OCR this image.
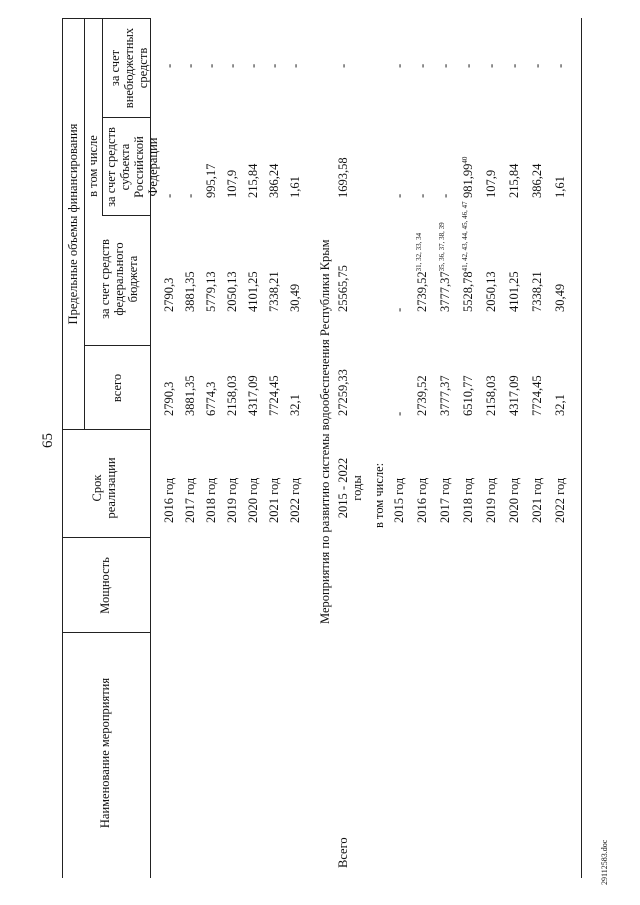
65
29112583.doc
Наименование мероприятия
Мощность
Срок реализации
Предельные объемы финансирования
всего
в том числе
за счет средств федерального бюджета
за счет средств субъекта Российской Федерации
за счет внебюджетных средств
2016 год
2790,3
2790,3
-
-
2017 год
3881,35
3881,35
-
-
2018 год
6774,3
5779,13
995,17
-
2019 год
2158,03
2050,13
107,9
-
2020 год
4317,09
4101,25
215,84
-
2021 год
7724,45
7338,21
386,24
-
2022 год
32,1
30,49
1,61
-
Мероприятия по развитию системы водообеспечения Республики Крым
Всего
2015 - 2022 годы
27259,33
25565,75
1693,58
-
в том числе: 2015 год
-
-
-
-
2016 год
2739,52
2739,52$^{31, 32, 33, 34}$
-
-
2017 год
3777,37
3777,37$^{35, 36, 37, 38, 39}$
-
-
2018 год
6510,77
5528,78$^{41, 42, 43, 44, 45, 46, 47}$
981,99$^{40}$
-
2019 год
2158,03
2050,13
107,9
-
2020 год
4317,09
4101,25
215,84
-
2021 год
7724,45
7338,21
386,24
-
2022 год
32,1
30,49
1,61
-
